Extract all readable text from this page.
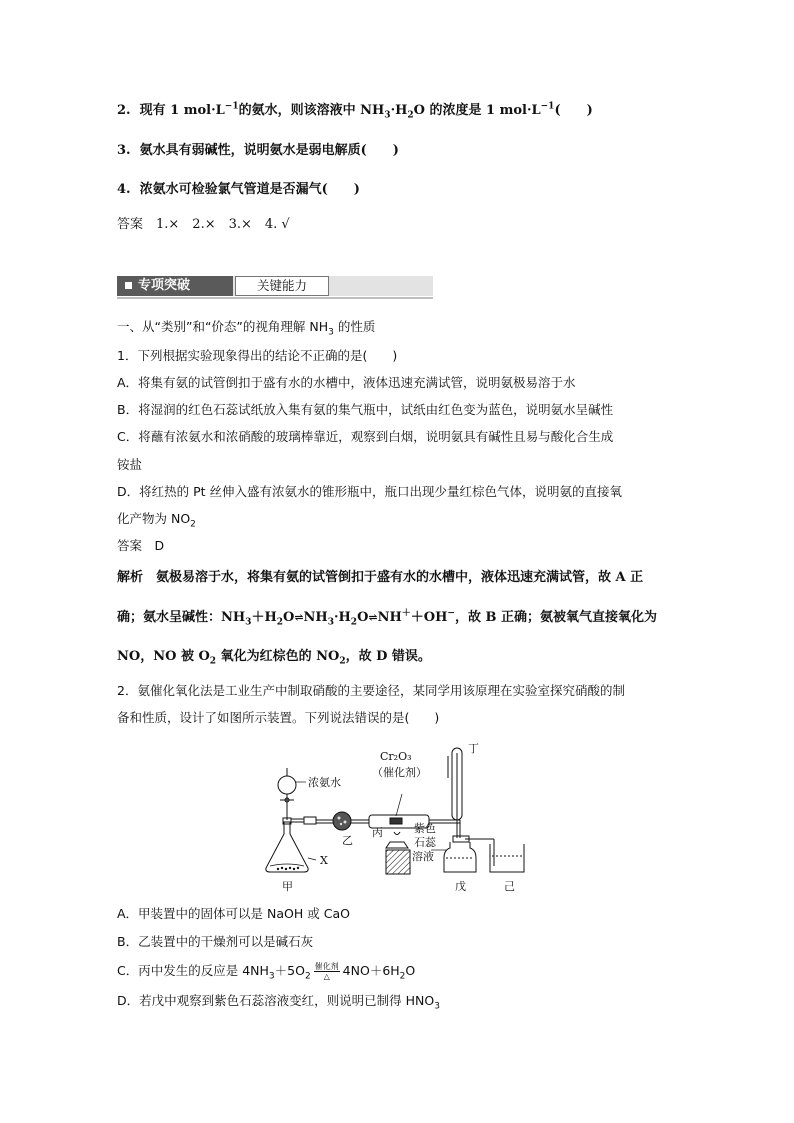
2. 现有 1 $mol\cdot L^{-1}$的氨水，则该溶液中 $NH_3\cdot H_2O$ 的浓度是 1 $mol\cdot L^{-1}$(　　)
3. 氨水具有弱碱性，说明氨水是弱电解质(　　)
4. 浓氨水可检验氯气管道是否漏气(　　)
答案　1.×　2.×　3.×　4. √
专项突破	关键能力
一、从“类别”和“价态”的视角理解 $NH_3$ 的性质
1．下列根据实验现象得出的结论不正确的是(　　)
A．将集有氨的试管倒扣于盛有水的水槽中，液体迅速充满试管，说明氨极易溶于水
B．将湿润的红色石蕊试纸放入集有氨的集气瓶中，试纸由红色变为蓝色，说明氨水呈碱性
C．将蘸有浓氨水和浓硝酸的玻璃棒靠近，观察到白烟，说明氨具有碱性且易与酸化合生成
铵盐
D．将红热的 Pt 丝伸入盛有浓氨水的锥形瓶中，瓶口出现少量红棕色气体，说明氨的直接氧
化产物为 $NO_2$
答案　D
解析　氨极易溶于水，将集有氨的试管倒扣于盛有水的水槽中，液体迅速充满试管，故 A 正
确；氨水呈碱性：$NH_3+H_2O\rightleftharpoons NH_3\cdot H_2O\rightleftharpoons NH^++OH^-$，故 B 正确；氨被氧气直接氧化为
NO，NO 被 $O_2$ 氧化为红棕色的 $NO_2$，故 D 错误。
2．氨催化氧化法是工业生产中制取硝酸的主要途径，某同学用该原理在实验室探究硝酸的制
备和性质，设计了如图所示装置。下列说法错误的是(　　)
浓氨水
Cr₂O₃
（催化剂）
乙
丙
丁
X
甲
紫色
石蕊
溶液
戊	己
A．甲装置中的固体可以是 NaOH 或 CaO
B．乙装置中的干燥剂可以是碱石灰
C．丙中发生的反应是 $4NH_3+5O_2 \frac{\text{催化剂}}{\triangle} 4NO+6H_2O$
D．若戊中观察到紫色石蕊溶液变红，则说明已制得 $HNO_3$
